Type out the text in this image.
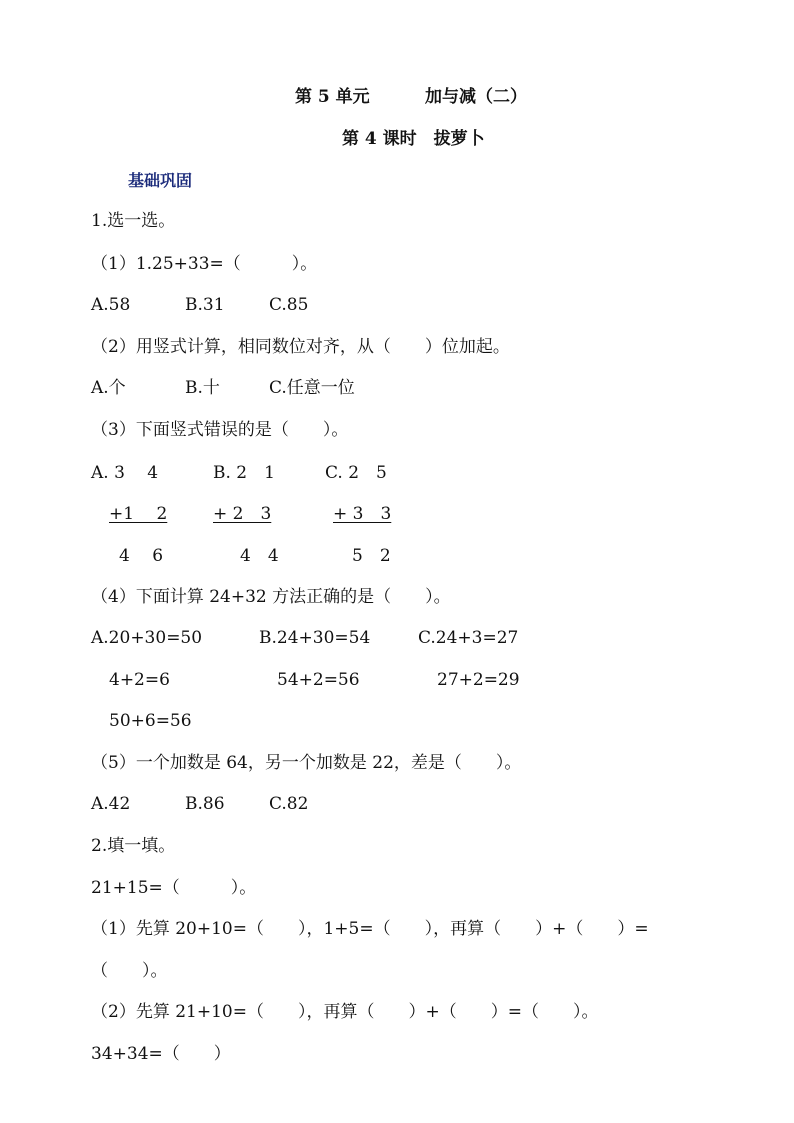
第 5 单元	加与减（二）
第 4 课时　拔萝卜
基础巩固
1.选一选。
（1）1.25+33=（　　　）。
A.58	B.31	C.85
（2）用竖式计算，相同数位对齐，从（　　）位加起。
A.个	B.十	C.任意一位
（3）下面竖式错误的是（　　）。
A. 3　 4	B. 2　1	C. 2　5
+1　 2	+ 2　3	+ 3　3
4　 6	4　4	5　2
（4）下面计算 24+32 方法正确的是（　　）。
A.20+30=50	B.24+30=54	C.24+3=27
4+2=6	54+2=56	27+2=29
50+6=56
（5）一个加数是 64，另一个加数是 22，差是（　　）。
A.42	B.86	C.82
2.填一填。
21+15=（　　　）。
（1）先算 20+10=（　　），1+5=（　　），再算（　　）+（　　）=
（　　）。
（2）先算 21+10=（　　），再算（　　）+（　　）=（　　）。
34+34=（　　）
